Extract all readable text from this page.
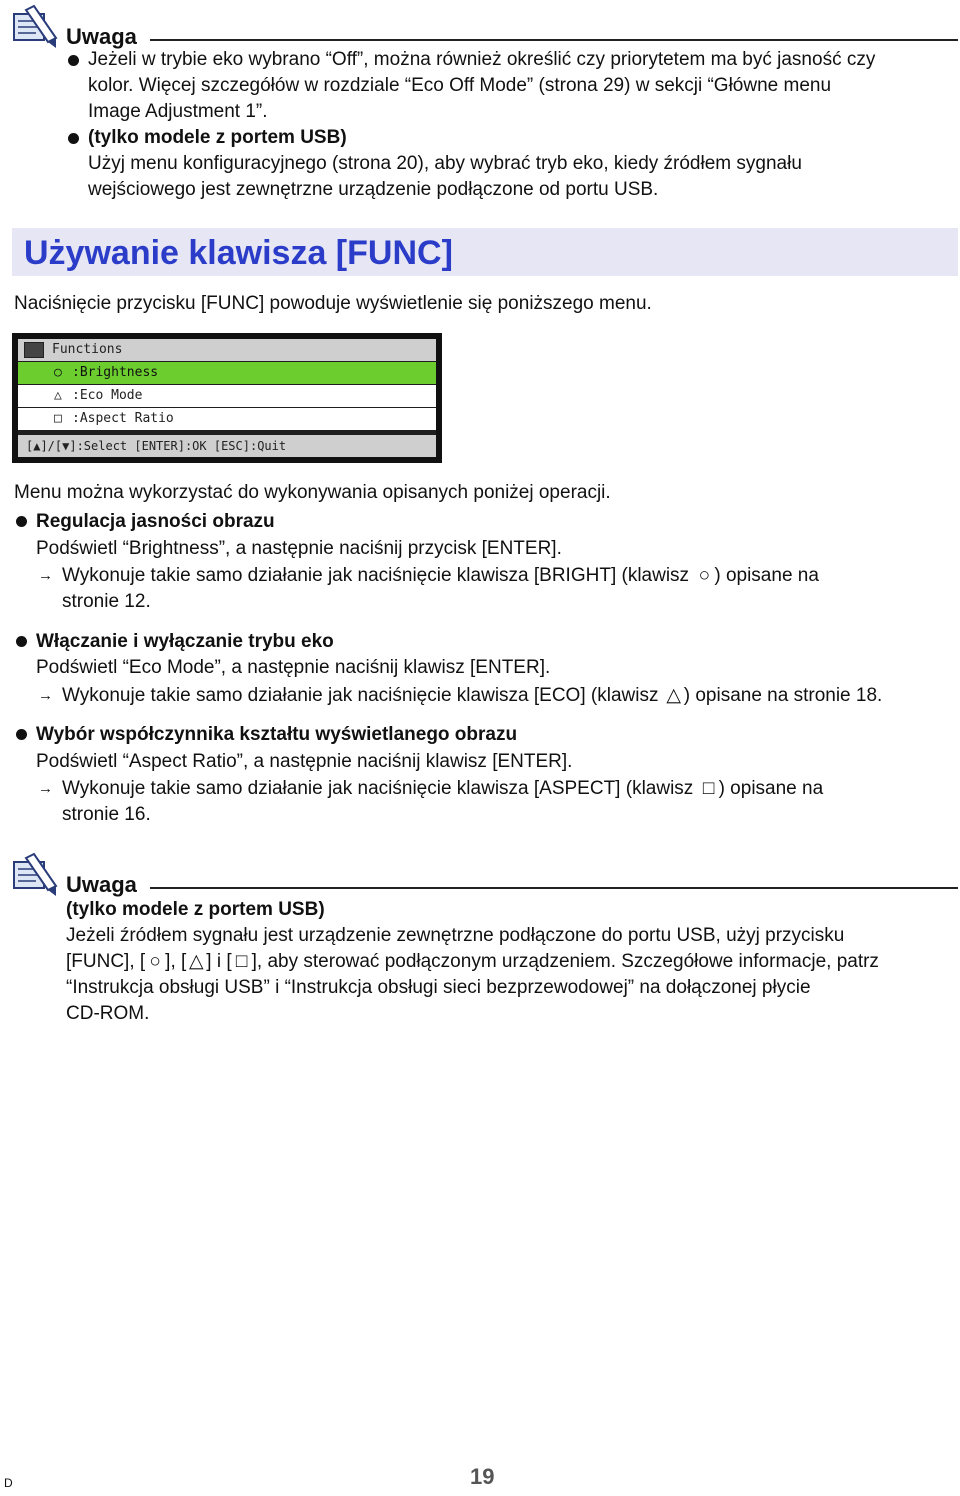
Uwaga
Jeżeli w trybie eko wybrano “Off”, można również określić czy priorytetem ma być jasność czy
kolor. Więcej szczegółów w rozdziale “Eco Off Mode” (strona 29) w sekcji “Główne menu
Image Adjustment 1”.
(tylko modele z portem USB)
Użyj menu konfiguracyjnego (strona 20), aby wybrać tryb eko, kiedy źródłem sygnału
wejściowego jest zewnętrzne urządzenie podłączone od portu USB.
Używanie klawisza [FUNC]
Naciśnięcie przycisku [FUNC] powoduje wyświetlenie się poniższego menu.
Functions
○ :Brightness
△ :Eco Mode
□ :Aspect Ratio
[▲]/[▼]:Select [ENTER]:OK [ESC]:Quit
Menu można wykorzystać do wykonywania opisanych poniżej operacji.
Regulacja jasności obrazu
Podświetl “Brightness”, a następnie naciśnij przycisk [ENTER].
→ Wykonuje takie samo działanie jak naciśnięcie klawisza [BRIGHT] (klawisz ○ ) opisane na
stronie 12.
Włączanie i wyłączanie trybu eko
Podświetl “Eco Mode”, a następnie naciśnij klawisz [ENTER].
→ Wykonuje takie samo działanie jak naciśnięcie klawisza [ECO] (klawisz △ ) opisane na stronie 18.
Wybór współczynnika kształtu wyświetlanego obrazu
Podświetl “Aspect Ratio”, a następnie naciśnij klawisz [ENTER].
→ Wykonuje takie samo działanie jak naciśnięcie klawisza [ASPECT] (klawisz □ ) opisane na
stronie 16.
Uwaga
(tylko modele z portem USB)
Jeżeli źródłem sygnału jest urządzenie zewnętrzne podłączone do portu USB, użyj przycisku
[FUNC], [ ○ ], [ △ ] i [ □ ], aby sterować podłączonym urządzeniem. Szczegółowe informacje, patrz
“Instrukcja obsługi USB” i “Instrukcja obsługi sieci bezprzewodowej” na dołączonej płycie
CD-ROM.
D	19
